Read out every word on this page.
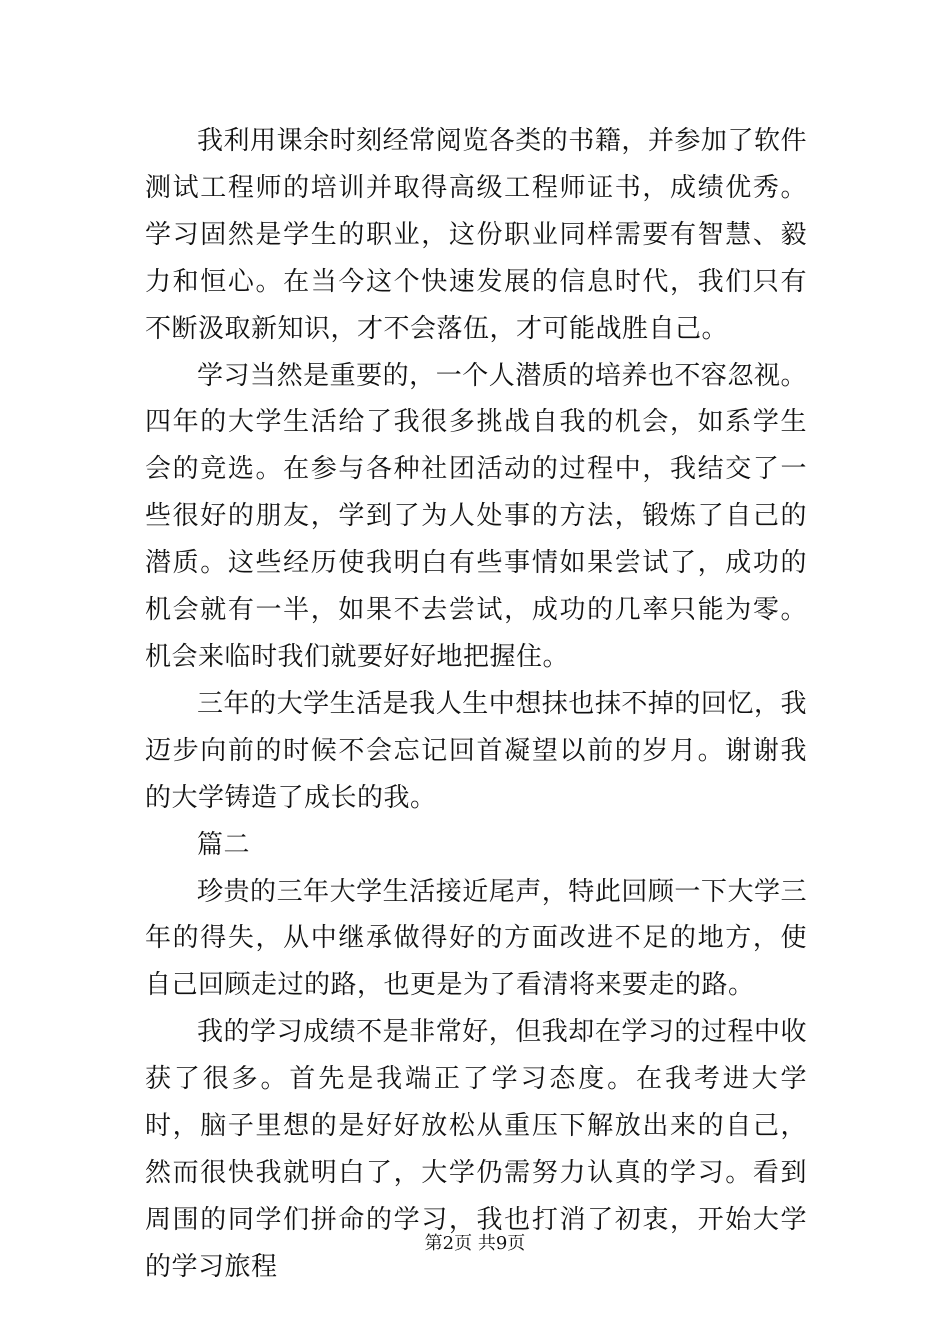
我利用课余时刻经常阅览各类的书籍，并参加了软件测试工程师的培训并取得高级工程师证书，成绩优秀。学习固然是学生的职业，这份职业同样需要有智慧、毅力和恒心。在当今这个快速发展的信息时代，我们只有不断汲取新知识，才不会落伍，才可能战胜自己。

学习当然是重要的，一个人潜质的培养也不容忽视。四年的大学生活给了我很多挑战自我的机会，如系学生会的竞选。在参与各种社团活动的过程中，我结交了一些很好的朋友，学到了为人处事的方法，锻炼了自己的潜质。这些经历使我明白有些事情如果尝试了，成功的机会就有一半，如果不去尝试，成功的几率只能为零。机会来临时我们就要好好地把握住。

三年的大学生活是我人生中想抹也抹不掉的回忆，我迈步向前的时候不会忘记回首凝望以前的岁月。谢谢我的大学铸造了成长的我。

篇二

珍贵的三年大学生活接近尾声，特此回顾一下大学三年的得失，从中继承做得好的方面改进不足的地方，使自己回顾走过的路，也更是为了看清将来要走的路。

我的学习成绩不是非常好，但我却在学习的过程中收获了很多。首先是我端正了学习态度。在我考进大学时，脑子里想的是好好放松从重压下解放出来的自己，然而很快我就明白了，大学仍需努力认真的学习。看到周围的同学们拼命的学习，我也打消了初衷，开始大学的学习旅程

第2页 共9页
